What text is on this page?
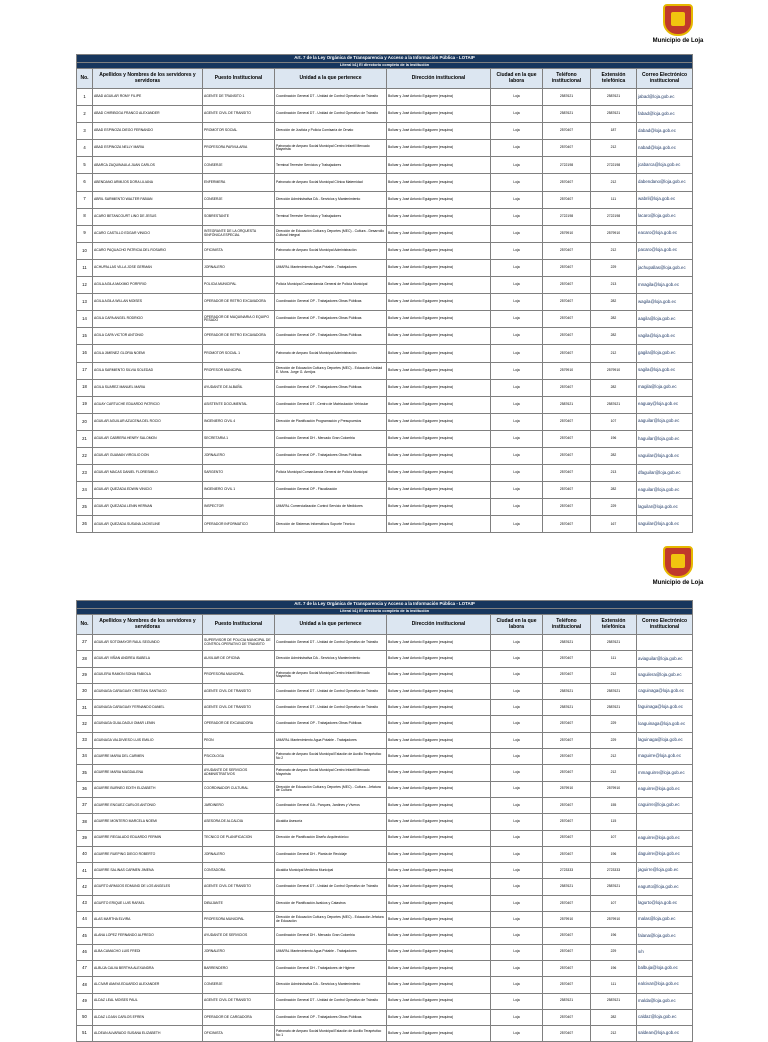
Municipio de Loja
Art. 7 de la Ley Orgánica de Transparencia y Acceso a la Información Pública - LOTAIP								
Literal b1) El directorio completo de la institución								
No.	Apellidos y Nombres de los servidores y servidoras	Puesto Institucional	Unidad a la que pertenece	Dirección institucional	Ciudad en la que labora	Teléfono institucional	Extensión telefónica	Correo Electrónico institucional
1	ABAD AGUILAR ROMY FILIPE	AGENTE DE TRANSITO 1	Coordinación General DT - Unidad de Control Operativo de Tránsito	Bolívar y José Antonio Eguiguren (esquina)	Loja	2587621	2587621	jabad@loja.gob.ec
2	ABAD CHIRIBOGA FRANCO ALEXANDER	AGENTE CIVIL DE TRANSITO	Coordinación General DT - Unidad de Control Operativo de Tránsito	Bolívar y José Antonio Eguiguren (esquina)	Loja	2587621	2587621	fabad@loja.gob.ec
3	ABAD ESPINOZA DIEGO FERNANDO	PROMOTOR SOCIAL	Dirección de Justicia y Policía Comisaría de Ornato	Bolívar y José Antonio Eguiguren (esquina)	Loja	2570407	187	dabad@loja.gob.ec
4	ABAD ESPINOZA NELLY MARIA	PROFESORA PARVULARIA	Patronato de Amparo Social Municipal Centro Infantil Mercado Mayorista	Bolívar y José Antonio Eguiguren (esquina)	Loja	2570407	212	nabad@loja.gob.ec
5	ABARCA ZAQUINAULA JUAN CARLOS	CONSERJE	Terminal Terrestre Servicios y Trabajadores	Bolívar y José Antonio Eguiguren (esquina)	Loja	2722198	2722198	jcabarca@loja.gob.ec
6	ABENDANO ARMIJOS DORA LILIANA	ENFERMERA	Patronato de Amparo Social Municipal Clínica Maternidad	Bolívar y José Antonio Eguiguren (esquina)	Loja	2570407	212	dabendano@loja.gob.ec
7	ABRIL SARMIENTO WALTER FABIAN	CONSERJE	Dirección Administrativa DA - Servicios y Mantenimiento	Bolívar y José Antonio Eguiguren (esquina)	Loja	2570407	111	wabril@loja.gob.ec
8	ACARO BETANCOURT LINO DE JESUS	SOBRESTANTE	Terminal Terrestre Servicios y Trabajadores	Bolívar y José Antonio Eguiguren (esquina)	Loja	2722198	2722198	lacaro@loja.gob.ec
9	ACARO CASTILLO EDGAR VINICIO	INTEGRANTE DE LA ORQUESTA SINFÓNICA ESPECIAL	Dirección de Educación Cultura y Deportes (MEC) - Cultura - Desarrollo Cultural Integral	Bolívar y José Antonio Eguiguren (esquina)	Loja	2579910	2579910	eacaro@loja.gob.ec
10	ACARO PAQUACHO PATRICIA DEL ROSARIO	OFICINISTA	Patronato de Amparo Social Municipal Administración	Bolívar y José Antonio Eguiguren (esquina)	Loja	2570407	212	pacaro@loja.gob.ec
11	ACHUPALLAS VILLA JOSE GERMAN	JORNALERO	UMAPAL Mantenimiento Agua Potable - Trabajadores	Bolívar y José Antonio Eguiguren (esquina)	Loja	2570407	229	jachupallas@loja.gob.ec
12	AGILA AGILA MAXIMO PORFIRIO	POLICIA MUNICIPAL	Policía Municipal Comandancia General de Policía Municipal	Bolívar y José Antonio Eguiguren (esquina)	Loja	2570407	213	mnagila@loja.gob.ec
13	AGILA AGILA WILLAN MOISES	OPERADOR DE RETRO EXCAVADORA	Coordinación General OP - Trabajadores Obras Públicas	Bolívar y José Antonio Eguiguren (esquina)	Loja	2570407	282	wagila@loja.gob.ec
14	AGILA CAPA ANGEL RODRIGO	OPERADOR DE MAQUINARIA O EQUIPO PESADO	Coordinación General OP - Trabajadores Obras Públicas	Bolívar y José Antonio Eguiguren (esquina)	Loja	2570407	282	aagila@loja.gob.ec
15	AGILA CAPA VICTOR ANTONIO	OPERADOR DE RETRO EXCAVADORA	Coordinación General OP - Trabajadores Obras Públicas	Bolívar y José Antonio Eguiguren (esquina)	Loja	2570407	282	vagila@loja.gob.ec
16	AGILA JIMENEZ GLORIA NOEMI	PROMOTOR SOCIAL 1	Patronato de Amparo Social Municipal Administración	Bolívar y José Antonio Eguiguren (esquina)	Loja	2570407	212	gagila@loja.gob.ec
17	AGILA SARMIENTO SILVIA SOLEDAD	PROFESOR MUNICIPAL	Dirección de Educación Cultura y Deportes (MEC) - Educación Unidad E. Mons. Jorge G. Armijos	Bolívar y José Antonio Eguiguren (esquina)	Loja	2579910	2579910	sagila@loja.gob.ec
18	AGILA SUAREZ MANUEL MARIA	AYUDANTE DE ALBAÑIL	Coordinación General OP - Trabajadores Obras Públicas	Bolívar y José Antonio Eguiguren (esquina)	Loja	2570407	282	magila@loja.gob.ec
19	AGUAY CARTUCHE EDUARDO PATRICIO	ASISTENTE DOCUMENTAL	Coordinación General DT - Centro de Matriculación Vehicular	Bolívar y José Antonio Eguiguren (esquina)	Loja	2587621	2587621	eaguay@loja.gob.ec
20	AGUILAR AGUILAR AZUCENA DEL ROCIO	INGENIERO CIVIL 4	Dirección de Planificación Programación y Presupuestos	Bolívar y José Antonio Eguiguren (esquina)	Loja	2570407	107	aaguilar@loja.gob.ec
21	AGUILAR CABRERA HENRY SALOMON	SECRETARIA 1	Coordinación General DH - Mercado Gran Colombia	Bolívar y José Antonio Eguiguren (esquina)	Loja	2570407	196	haguilar@loja.gob.ec
22	AGUILAR GUAMAN VIRGILIO DON	JORNALERO	Coordinación General OP - Trabajadores Obras Públicas	Bolívar y José Antonio Eguiguren (esquina)	Loja	2570407	282	vaguilar@loja.gob.ec
23	AGUILAR MACAS DANIEL FLORESMILO	SARGENTO	Policía Municipal Comandancia General de Policía Municipal	Bolívar y José Antonio Eguiguren (esquina)	Loja	2570407	213	dfaguilar@loja.gob.ec
24	AGUILAR QUEZADA EDWIN VINICIO	INGENIERO CIVIL 1	Coordinación General OP - Fiscalización	Bolívar y José Antonio Eguiguren (esquina)	Loja	2570407	282	eaguilar@loja.gob.ec
25	AGUILAR QUEZADA LENIN HERNAN	INSPECTOR	UMAPAL Comercialización Control Servicio de Medidores	Bolívar y José Antonio Eguiguren (esquina)	Loja	2570407	229	laguilar@loja.gob.ec
26	AGUILAR QUEZADA SUSANA JACKELINE	OPERADOR INFORMATICO	Dirección de Sistemas Informáticos Soporte Técnico	Bolívar y José Antonio Eguiguren (esquina)	Loja	2570407	167	saguilar@loja.gob.ec
Municipio de Loja
Art. 7 de la Ley Orgánica de Transparencia y Acceso a la Información Pública - LOTAIP								
Literal b1) El directorio completo de la institución								
No.	Apellidos y Nombres de los servidores y servidoras	Puesto Institucional	Unidad a la que pertenece	Dirección institucional	Ciudad en la que labora	Teléfono institucional	Extensión telefónica	Correo Electrónico institucional
27	AGUILAR SOTOMAYOR RAUL SEGUNDO	SUPERVISOR DE POLICIA MUNICIPAL DE CONTROL OPERATIVO DE TRANSITO	Coordinación General DT - Unidad de Control Operativo de Tránsito	Bolívar y José Antonio Eguiguren (esquina)	Loja	2587621	2587621	
28	AGUILAR VIÑAN ANDREA ISABELA	AUXILIAR DE OFICINA	Dirección Administrativa DA - Servicios y Mantenimiento	Bolívar y José Antonio Eguiguren (esquina)	Loja	2570407	111	aviaguilar@loja.gob.ec
29	AGUILERA RAMON SONIA FABIOLA	PROFESORA MUNICIPAL	Patronato de Amparo Social Municipal Centro Infantil Mercado Mayorista	Bolívar y José Antonio Eguiguren (esquina)	Loja	2570407	212	saguilera@loja.gob.ec
30	AGUINAGA CARAGUAY CRISTIAN SANTIAGO	AGENTE CIVIL DE TRANSITO	Coordinación General DT - Unidad de Control Operativo de Tránsito	Bolívar y José Antonio Eguiguren (esquina)	Loja	2587621	2587621	caguinaga@loja.gob.ec
31	AGUINAGA CARAGUAY FERNANDO DANIEL	AGENTE CIVIL DE TRANSITO	Coordinación General DT - Unidad de Control Operativo de Tránsito	Bolívar y José Antonio Eguiguren (esquina)	Loja	2587621	2587621	faguinaga@loja.gob.ec
32	AGUINAGA GUALOAGUI OMAR LENIN	OPERADOR DE EXCAVADORA	Coordinación General OP - Trabajadores Obras Públicas	Bolívar y José Antonio Eguiguren (esquina)	Loja	2570407	229	loaguinaga@loja.gob.ec
33	AGUINAGA VALDIVIESO LUIS EMILIO	PEON	UMAPAL Mantenimiento Agua Potable - Trabajadores	Bolívar y José Antonio Eguiguren (esquina)	Loja	2570407	229	laguinaga@loja.gob.ec
34	AGUIRRE MARIA DEL CARMEN	PSICOLOGA	Patronato de Amparo Social Municipal Estación de Auxilio Terapéutico No 2	Bolívar y José Antonio Eguiguren (esquina)	Loja	2570407	212	maguirre@loja.gob.ec
35	AGUIRRE MARIA MAGDALENA	AYUDANTE DE SERVICIOS ADMINISTRATIVOS	Patronato de Amparo Social Municipal Centro Infantil Mercado Mayorista	Bolívar y José Antonio Eguiguren (esquina)	Loja	2570407	212	mmaguirre@loja.gob.ec
36	AGUIRRE BURNEO EDITH ELIZABETH	COORDINADOR CULTURAL	Dirección de Educación Cultura y Deportes (MEC) - Cultura - Jefatura de Cultura	Bolívar y José Antonio Eguiguren (esquina)	Loja	2579910	2579910	eaguirre@loja.gob.ec
37	AGUIRRE ENGUEZ CARLOS ANTONIO	JARDINERO	Coordinación General GA - Parques, Jardines y Viveros	Bolívar y José Antonio Eguiguren (esquina)	Loja	2570407	155	caguirre@loja.gob.ec
38	AGUIRRE MONTERO MARCELA NOEMI	ASESORA DE ALCALDIA	Alcaldía Asesoría	Bolívar y José Antonio Eguiguren (esquina)	Loja	2570407	115	
39	AGUIRRE REGALADO EDUARDO FERMIN	TECNICO DE PLANIFICACION	Dirección de Planificación Diseño Arquitectónico	Bolívar y José Antonio Eguiguren (esquina)	Loja	2570407	107	eaguirre@loja.gob.ec
40	AGUIRRE RUEPING DIEGO ROBERTO	JORNALERO	Coordinación General DH - Planta de Reciclaje	Bolívar y José Antonio Eguiguren (esquina)	Loja	2570407	196	daguirre@loja.gob.ec
41	AGUIRRE SALINAS CARMEN JIMENA	CONTADORA	Alcaldía Municipal Medicina Municipal	Bolívar y José Antonio Eguiguren (esquina)	Loja	2723333	2723333	jaguirre@loja.gob.ec
42	AGURTO ARMIJOS EDMUND DE LOS ANGELES	AGENTE CIVIL DE TRANSITO	Coordinación General DT - Unidad de Control Operativo de Tránsito	Bolívar y José Antonio Eguiguren (esquina)	Loja	2587621	2587621	eagurto@loja.gob.ec
43	AGURTO ERIQUE LUIS RAFAEL	DIBUJANTE	Dirección de Planificación Avalúos y Catastros	Bolívar y José Antonio Eguiguren (esquina)	Loja	2570407	107	lagurto@loja.gob.ec
44	ALAS MARTHA ELVIRA	PROFESORA MUNICIPAL	Dirección de Educación Cultura y Deportes (MEC) - Educación Jefatura de Educación	Bolívar y José Antonio Eguiguren (esquina)	Loja	2579910	2579910	malas@loja.gob.ec
45	ALANA LOPEZ FERNANDO ALFREDO	AYUDANTE DE SERVICIOS	Coordinación General DH - Mercado Gran Colombia	Bolívar y José Antonio Eguiguren (esquina)	Loja	2570407	196	falana@loja.gob.ec
46	ALBA CAMACHO LUIS FREDI	JORNALERO	UMAPAL Mantenimiento Agua Potable - Trabajadores	Bolívar y José Antonio Eguiguren (esquina)	Loja	2570407	229	s/n
47	ALBUJA CALVA BERTHA ALEXANDRA	BARRENDERO	Coordinación General DH - Trabajadores de Higiene	Bolívar y José Antonio Eguiguren (esquina)	Loja	2570407	196	balbuja@loja.gob.ec
48	ALCIVAR AMAYA EDUARDO ALEXANDER	CONSERJE	Dirección Administrativa DA - Servicios y Mantenimiento	Bolívar y José Antonio Eguiguren (esquina)	Loja	2570407	111	ealcivar@loja.gob.ec
49	ALDAZ LEAL MOISES PAUL	AGENTE CIVIL DE TRANSITO	Coordinación General DT - Unidad de Control Operativo de Tránsito	Bolívar y José Antonio Eguiguren (esquina)	Loja	2587621	2587621	malda@loja.gob.ec
50	ALDAZ LOJAN CARLOS EFREN	OPERADOR DE CARGADORA	Coordinación General OP - Trabajadores Obras Públicas	Bolívar y José Antonio Eguiguren (esquina)	Loja	2570407	282	caldaz@loja.gob.ec
51	ALDEAN ALVARADO SUSANA ELIZABETH	OFICINISTA	Patronato de Amparo Social Municipal Estación de Auxilio Terapéutico No 1	Bolívar y José Antonio Eguiguren (esquina)	Loja	2570407	212	saldean@loja.gob.ec
